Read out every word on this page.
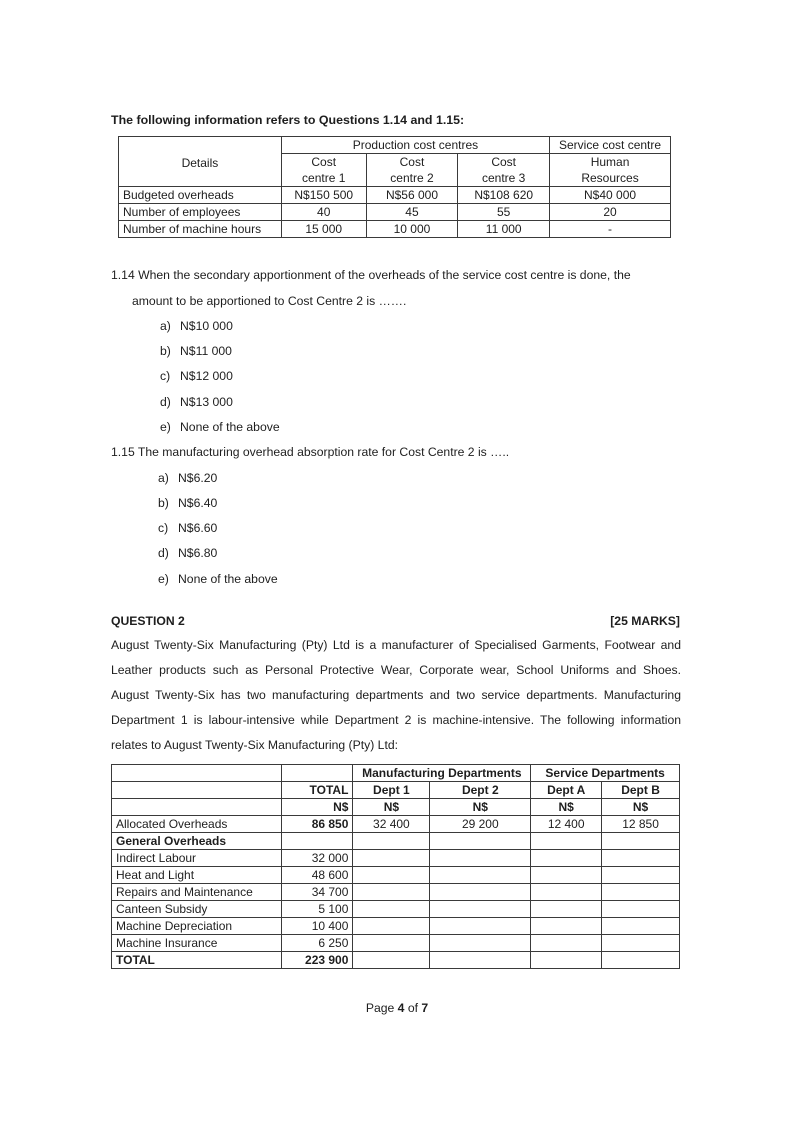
The following information refers to Questions 1.14 and 1.15:
Details	Production cost centres			Service cost centre
	Cost	Cost	Cost	Human
	centre 1	centre 2	centre 3	Resources
Budgeted overheads	N$150 500	N$56 000	N$108 620	N$40 000
Number of employees	40	45	55	20
Number of machine hours	15 000	10 000	11 000	-
1.14 When the secondary apportionment of the overheads of the service cost centre is done, the
amount to be apportioned to Cost Centre 2 is …….
a) N$10 000
b) N$11 000
c) N$12 000
d) N$13 000
e) None of the above
1.15 The manufacturing overhead absorption rate for Cost Centre 2 is …..
a) N$6.20
b) N$6.40
c) N$6.60
d) N$6.80
e) None of the above
QUESTION 2	[25 MARKS]
August Twenty-Six Manufacturing (Pty) Ltd is a manufacturer of Specialised Garments, Footwear and
Leather products such as Personal Protective Wear, Corporate wear, School Uniforms and Shoes.
August Twenty-Six has two manufacturing departments and two service departments. Manufacturing
Department 1 is labour-intensive while Department 2 is machine-intensive. The following information
relates to August Twenty-Six Manufacturing (Pty) Ltd:
		Manufacturing Departments		Service Departments	
	TOTAL	Dept 1	Dept 2	Dept A	Dept B
	N$	N$	N$	N$	N$
Allocated Overheads	86 850	32 400	29 200	12 400	12 850
General Overheads					
Indirect Labour	32 000				
Heat and Light	48 600				
Repairs and Maintenance	34 700				
Canteen Subsidy	5 100				
Machine Depreciation	10 400				
Machine Insurance	6 250				
TOTAL	223 900				
Page 4 of 7
